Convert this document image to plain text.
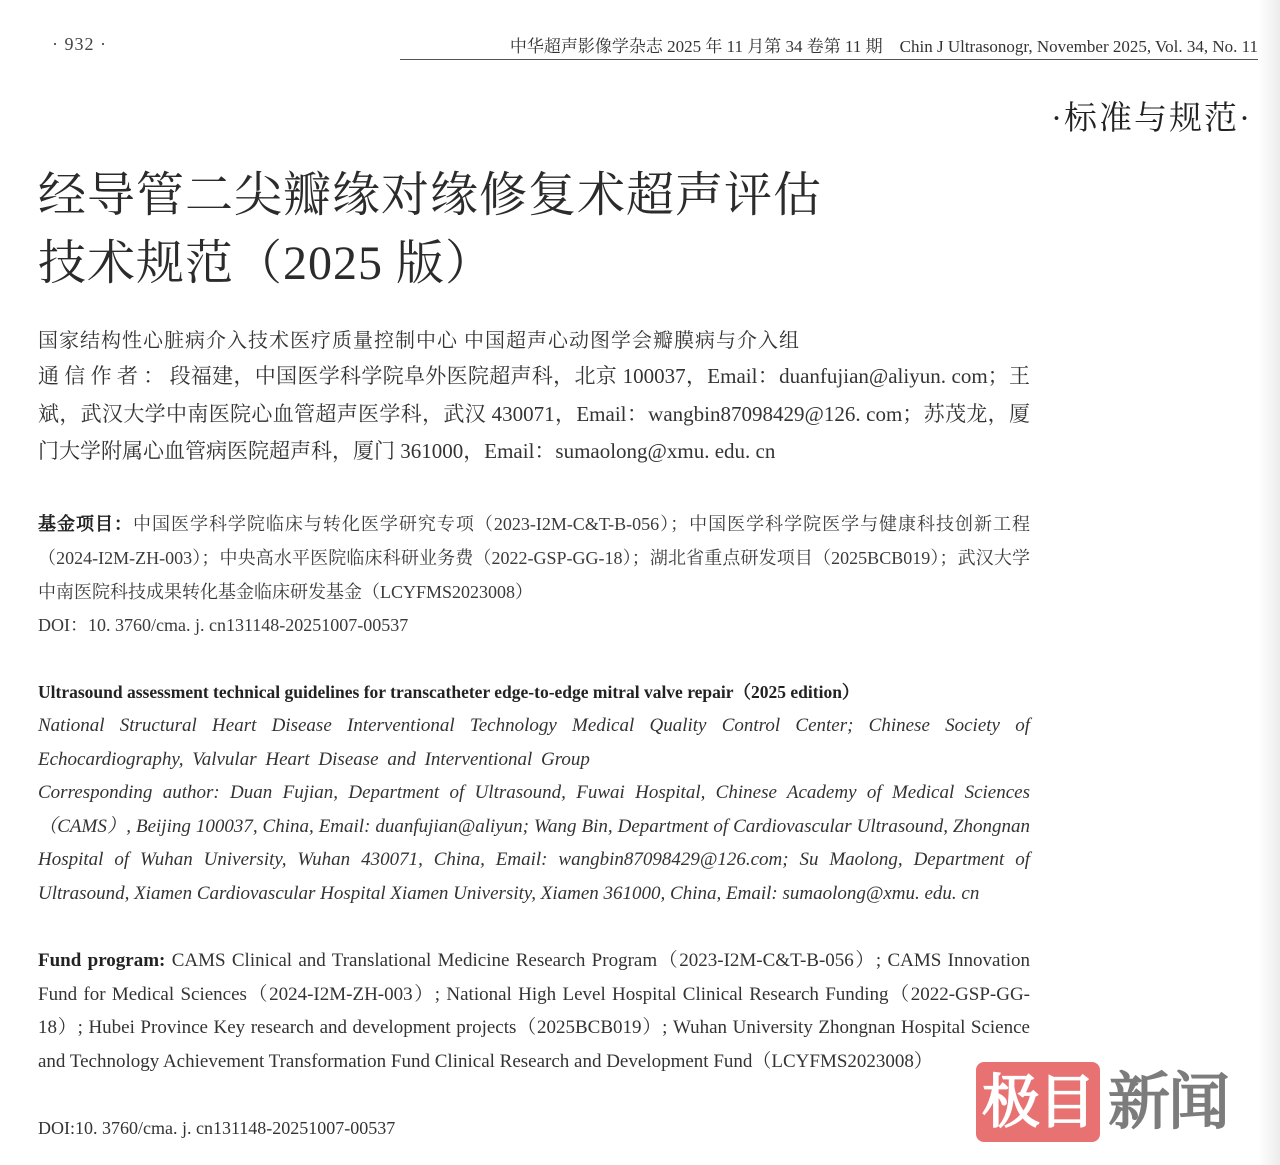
· 932 ·	中华超声影像学杂志 2025 年 11 月第 34 卷第 11 期　Chin J Ultrasonogr, November 2025, Vol. 34, No. 11
·标准与规范·
经导管二尖瓣缘对缘修复术超声评估
技术规范（2025 版）
国家结构性心脏病介入技术医疗质量控制中心 中国超声心动图学会瓣膜病与介入组
通信作者：段福建，中国医学科学院阜外医院超声科，北京 100037，Email：duanfujian@aliyun. com；王斌，武汉大学中南医院心血管超声医学科，武汉 430071，Email：wangbin87098429@126. com；苏茂龙，厦门大学附属心血管病医院超声科，厦门 361000，Email：sumaolong@xmu. edu. cn
基金项目：中国医学科学院临床与转化医学研究专项（2023-I2M-C&T-B-056）；中国医学科学院医学与健康科技创新工程（2024-I2M-ZH-003）；中央高水平医院临床科研业务费（2022-GSP-GG-18）；湖北省重点研发项目（2025BCB019）；武汉大学中南医院科技成果转化基金临床研发基金（LCYFMS2023008）
DOI：10. 3760/cma. j. cn131148-20251007-00537
Ultrasound assessment technical guidelines for transcatheter edge-to-edge mitral valve repair（2025 edition）
National Structural Heart Disease Interventional Technology Medical Quality Control Center; Chinese Society of Echocardiography, Valvular Heart Disease and Interventional Group
Corresponding author: Duan Fujian, Department of Ultrasound, Fuwai Hospital, Chinese Academy of Medical Sciences（CAMS）, Beijing 100037, China, Email: duanfujian@aliyun; Wang Bin, Department of Cardiovascular Ultrasound, Zhongnan Hospital of Wuhan University, Wuhan 430071, China, Email: wangbin87098429@126.com; Su Maolong, Department of Ultrasound, Xiamen Cardiovascular Hospital Xiamen University, Xiamen 361000, China, Email: sumaolong@xmu. edu. cn
Fund program: CAMS Clinical and Translational Medicine Research Program（2023-I2M-C&T-B-056）; CAMS Innovation Fund for Medical Sciences（2024-I2M-ZH-003）; National High Level Hospital Clinical Research Funding（2022-GSP-GG-18）; Hubei Province Key research and development projects（2025BCB019）; Wuhan University Zhongnan Hospital Science and Technology Achievement Transformation Fund Clinical Research and Development Fund（LCYFMS2023008）
DOI:10. 3760/cma. j. cn131148-20251007-00537	极目 新闻
